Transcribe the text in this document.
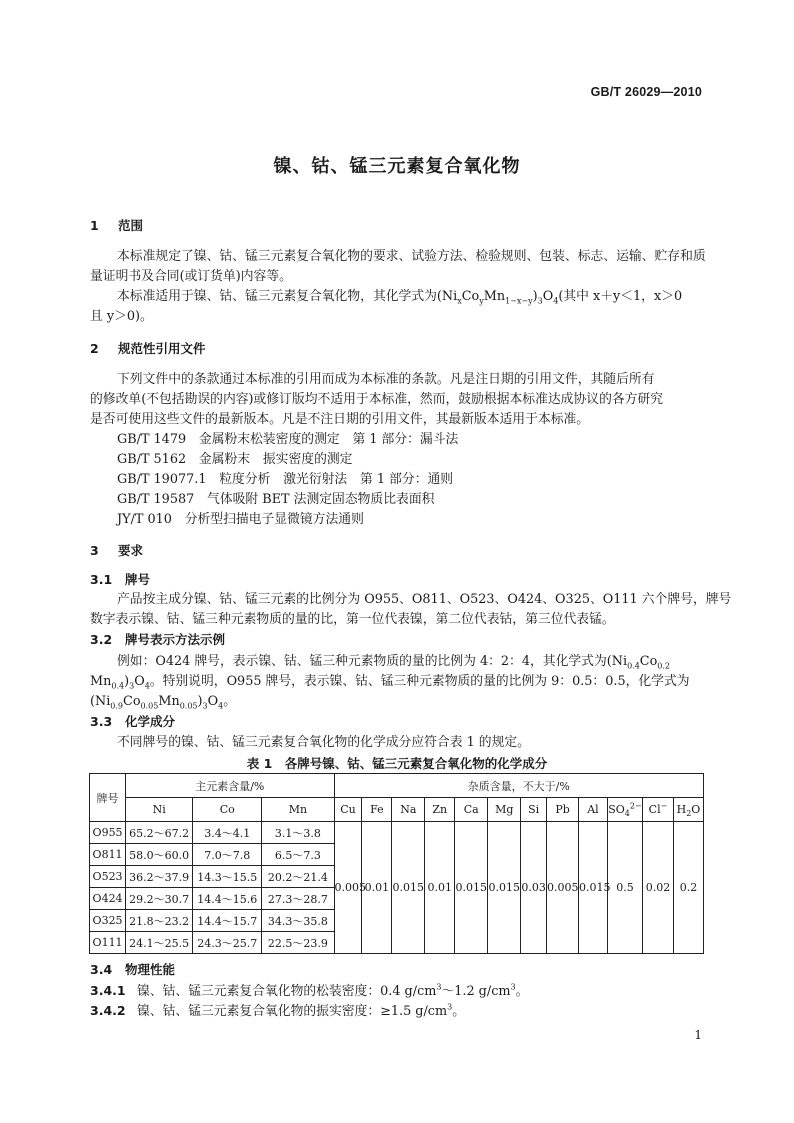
GB/T 26029—2010
镍、钴、锰三元素复合氧化物
1 范围
本标准规定了镍、钴、锰三元素复合氧化物的要求、试验方法、检验规则、包装、标志、运输、贮存和质
量证明书及合同(或订货单)内容等。
本标准适用于镍、钴、锰三元素复合氧化物，其化学式为$(Ni_xCo_yMn_{1-x-y})_3O_4$(其中 x＋y＜1，x＞0
且 y＞0)。
2 规范性引用文件
下列文件中的条款通过本标准的引用而成为本标准的条款。凡是注日期的引用文件，其随后所有
的修改单(不包括勘误的内容)或修订版均不适用于本标准，然而，鼓励根据本标准达成协议的各方研究
是否可使用这些文件的最新版本。凡是不注日期的引用文件，其最新版本适用于本标准。
GB/T 1479　金属粉末松装密度的测定　第 1 部分：漏斗法
GB/T 5162　金属粉末　振实密度的测定
GB/T 19077.1　粒度分析　激光衍射法　第 1 部分：通则
GB/T 19587　气体吸附 BET 法测定固态物质比表面积
JY/T 010　分析型扫描电子显微镜方法通则
3 要求
3.1 牌号
产品按主成分镍、钴、锰三元素的比例分为 O955、O811、O523、O424、O325、O111 六个牌号，牌号
数字表示镍、钴、锰三种元素物质的量的比，第一位代表镍，第二位代表钴，第三位代表锰。
3.2 牌号表示方法示例
例如：O424 牌号，表示镍、钴、锰三种元素物质的量的比例为 4：2：4，其化学式为($Ni_{0.4}Co_{0.2}$
$Mn_{0.4})_3O_4$。特别说明，O955 牌号，表示镍、钴、锰三种元素物质的量的比例为 9：0.5：0.5，化学式为
$(Ni_{0.9}Co_{0.05}Mn_{0.05})_3O_4$。
3.3 化学成分
不同牌号的镍、钴、锰三元素复合氧化物的化学成分应符合表 1 的规定。
表 1　各牌号镍、钴、锰三元素复合氧化物的化学成分
牌号	主元素含量/%			杂质含量，不大于/%											
	Ni	Co	Mn	Cu	Fe	Na	Zn	Ca	Mg	Si	Pb	Al	$SO_4^{2-}$	Cl−	$H_2O$
O955	65.2～67.2	3.4～4.1	3.1～3.8	0.005	0.01	0.015	0.01	0.015	0.015	0.03	0.005	0.015	0.5	0.02	0.2
O811	58.0～60.0	7.0～7.8	6.5～7.3												
O523	36.2～37.9	14.3～15.5	20.2～21.4												
O424	29.2～30.7	14.4～15.6	27.3～28.7												
O325	21.8～23.2	14.4～15.7	34.3～35.8												
O111	24.1～25.5	24.3～25.7	22.5～23.9												
3.4 物理性能
3.4.1 镍、钴、锰三元素复合氧化物的松装密度：0.4 $g/cm^3\sim 1.2$ $g/cm^3$。
3.4.2 镍、钴、锰三元素复合氧化物的振实密度：≥1.5 $g/cm^3$。
1
